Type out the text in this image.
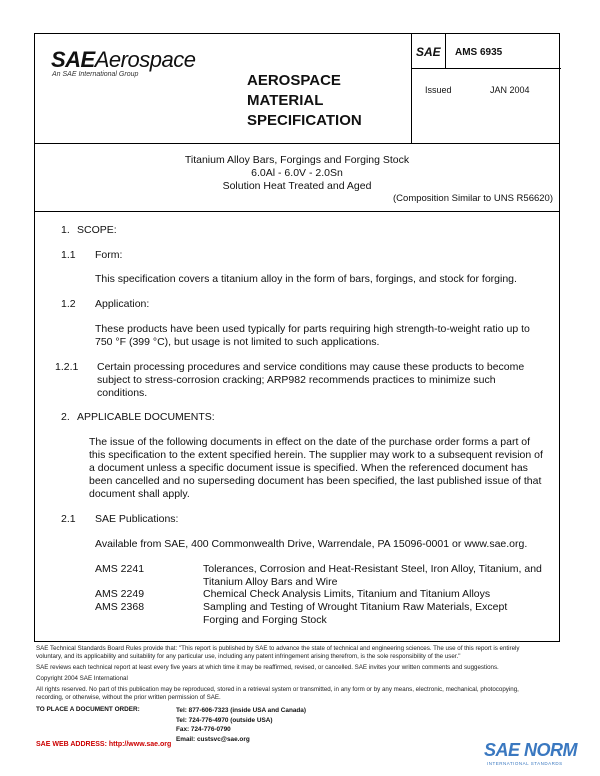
SAEAerospace
An SAE International Group	AEROSPACE
MATERIAL
SPECIFICATION
SAE AMS 6935
Issued	JAN 2004
Titanium Alloy Bars, Forgings and Forging Stock
6.0Al - 6.0V - 2.0Sn
Solution Heat Treated and Aged
(Composition Similar to UNS R56620)
1. SCOPE:
1.1 Form:
This specification covers a titanium alloy in the form of bars, forgings, and stock for forging.
1.2 Application:
These products have been used typically for parts requiring high strength-to-weight ratio up to
750 °F (399 °C), but usage is not limited to such applications.
1.2.1 Certain processing procedures and service conditions may cause these products to become
subject to stress-corrosion cracking; ARP982 recommends practices to minimize such
conditions.
2. APPLICABLE DOCUMENTS:
The issue of the following documents in effect on the date of the purchase order forms a part of
this specification to the extent specified herein. The supplier may work to a subsequent revision of
a document unless a specific document issue is specified. When the referenced document has
been cancelled and no superseding document has been specified, the last published issue of that
document shall apply.
2.1 SAE Publications:
Available from SAE, 400 Commonwealth Drive, Warrendale, PA 15096-0001 or www.sae.org.
AMS 2241	Tolerances, Corrosion and Heat-Resistant Steel, Iron Alloy, Titanium, and
Titanium Alloy Bars and Wire
AMS 2249	Chemical Check Analysis Limits, Titanium and Titanium Alloys
AMS 2368	Sampling and Testing of Wrought Titanium Raw Materials, Except
Forging and Forging Stock
SAE Technical Standards Board Rules provide that: "This report is published by SAE to advance the state of technical and engineering sciences. The use of this report is entirely
voluntary, and its applicability and suitability for any particular use, including any patent infringement arising therefrom, is the sole responsibility of the user."
SAE reviews each technical report at least every five years at which time it may be reaffirmed, revised, or cancelled. SAE invites your written comments and suggestions.
Copyright 2004 SAE International
All rights reserved. No part of this publication may be reproduced, stored in a retrieval system or transmitted, in any form or by any means, electronic, mechanical, photocopying,
recording, or otherwise, without the prior written permission of SAE.
TO PLACE A DOCUMENT ORDER:	Tel: 877-606-7323 (inside USA and Canada)
Tel: 724-776-4970 (outside USA)
Fax: 724-776-0790
Email: custsvc@sae.org
SAE WEB ADDRESS: http://www.sae.org	SAE NORM
INTERNATIONAL STANDARDS
